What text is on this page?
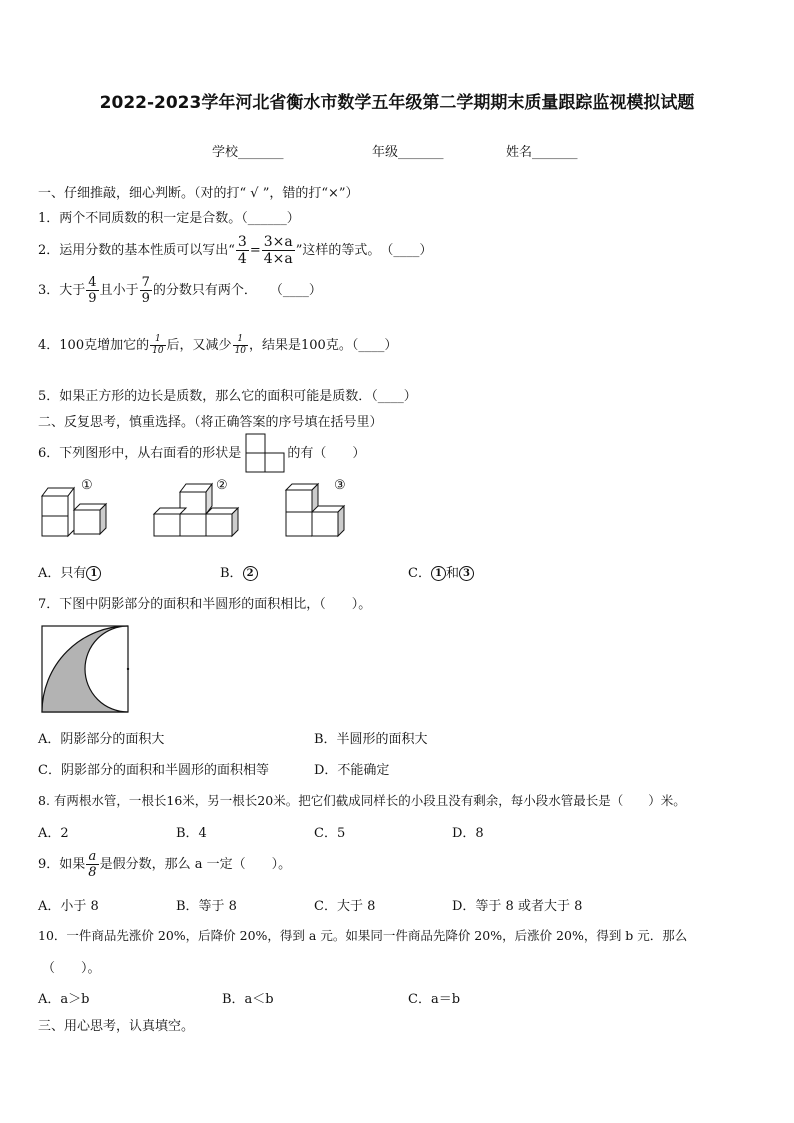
2022-2023学年河北省衡水市数学五年级第二学期期末质量跟踪监视模拟试题
学校_______	年级_______	姓名_______
一、仔细推敲，细心判断。（对的打“ √ ”，错的打“×”）
1．两个不同质数的积一定是合数。（______）
2．运用分数的基本性质可以写出“ $\frac{3}{4} = \frac{3\times a}{4\times a}$ ”这样的等式。　（____）
3．大于 $\frac{4}{9}$ 且小于 $\frac{7}{9}$ 的分数只有两个．　　（____）
4．100克增加它的 $\frac{1}{10}$ 后，又减少 $\frac{1}{10}$ ，结果是100克。（____）
5．如果正方形的边长是质数，那么它的面积可能是质数．（____）
二、反复思考，慎重选择。（将正确答案的序号填在括号里）
6．下列图形中，从右面看的形状是	的有（　　）
①	②	③
A．只有 1	B． 2	C． 1 和 3
7．下图中阴影部分的面积和半圆形的面积相比，（　　）。
A．阴影部分的面积大	B．半圆形的面积大
C．阴影部分的面积和半圆形的面积相等	D．不能确定
8. 有两根水管，一根长16米，另一根长20米。把它们截成同样长的小段且没有剩余，每小段水管最长是（　　）米。
A．2	B．4	C．5	D．8
9．如果 $\frac{a}{8}$ 是假分数，那么 a 一定（　　）。
A．小于 8	B．等于 8	C．大于 8	D．等于 8 或者大于 8
10．一件商品先涨价 20%，后降价 20%，得到 a 元。如果同一件商品先降价 20%，后涨价 20%，得到 b 元．那么
（　　）。
A．a＞b	B．a＜b	C．a＝b
三、用心思考，认真填空。
